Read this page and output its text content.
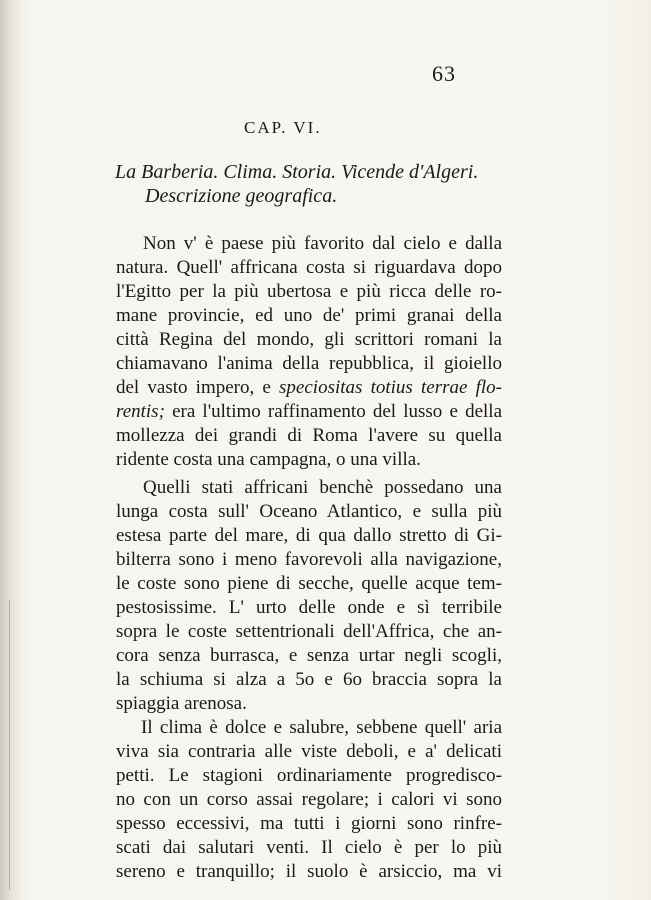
63
CAP. VI.
La Barberia. Clima. Storia. Vicende d'Algeri.
Descrizione geografica.
Non v' è paese più favorito dal cielo e dalla
natura. Quell' affricana costa si riguardava dopo
l'Egitto per la più ubertosa e più ricca delle ro-
mane provincie, ed uno de' primi granai della
città Regina del mondo, gli scrittori romani la
chiamavano l'anima della repubblica, il gioiello
del vasto impero, e speciositas totius terrae flo-
rentis; era l'ultimo raffinamento del lusso e della
mollezza dei grandi di Roma l'avere su quella
ridente costa una campagna, o una villa.
Quelli stati affricani benchè possedano una
lunga costa sull' Oceano Atlantico, e sulla più
estesa parte del mare, di qua dallo stretto di Gi-
bilterra sono i meno favorevoli alla navigazione,
le coste sono piene di secche, quelle acque tem-
pestosissime. L' urto delle onde e sì terribile
sopra le coste settentrionali dell'Affrica, che an-
cora senza burrasca, e senza urtar negli scogli,
la schiuma si alza a 5o e 6o braccia sopra la
spiaggia arenosa.
Il clima è dolce e salubre, sebbene quell' aria
viva sia contraria alle viste deboli, e a' delicati
petti. Le stagioni ordinariamente progredisco-
no con un corso assai regolare; i calori vi sono
spesso eccessivi, ma tutti i giorni sono rinfre-
scati dai salutari venti. Il cielo è per lo più
sereno e tranquillo; il suolo è arsiccio, ma vi
